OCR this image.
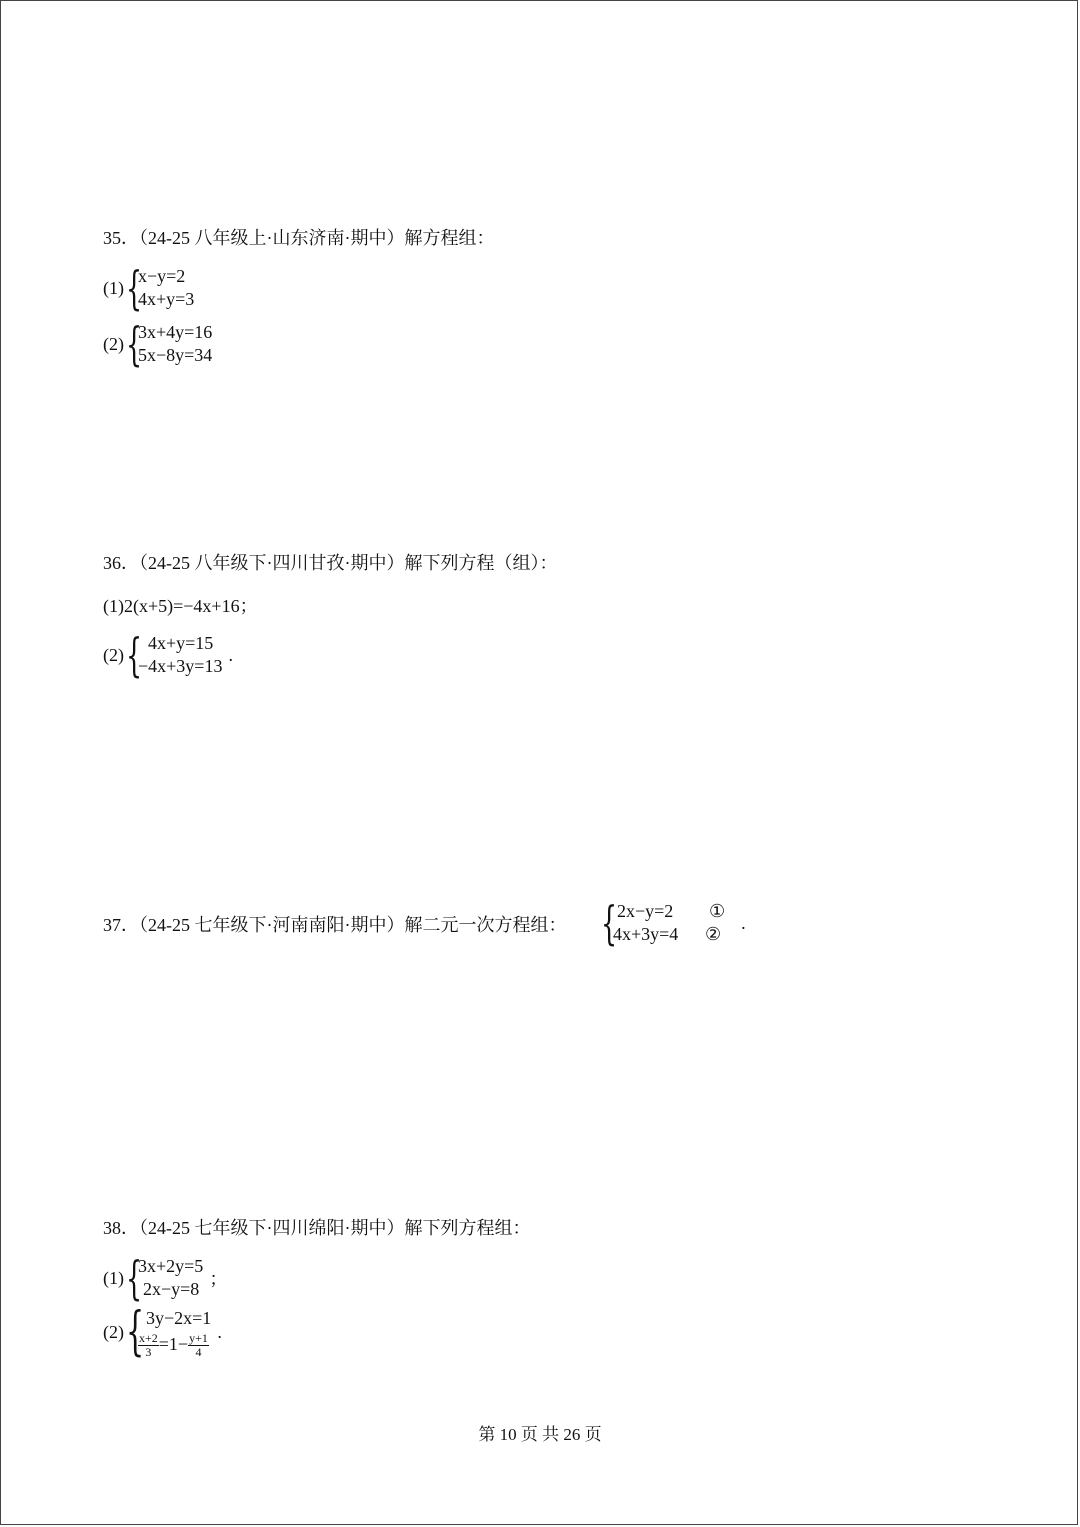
35．（24-25 八年级上·山东济南·期中）解方程组：
(1) {
x−y=2
4x+y=3
(2) {
3x+4y=16
5x−8y=34
36．（24-25 八年级下·四川甘孜·期中）解下列方程（组）：
(1)2(x+5)=−4x+16；
(2) { 4x+y=15
−4x+3y=13
.
37．（24-25 七年级下·河南南阳·期中）解二元一次方程组： { 2x−y=2 ①
4x+3y=4 ②
.
38．（24-25 七年级下·四川绵阳·期中）解下列方程组：
(1) {
3x+2y=5
2x−y=8 ；
(2) { 3y−2x=1
$\frac{x+2}{3} =1- \frac{y+1}{4}$
.
第 10 页 共 26 页
